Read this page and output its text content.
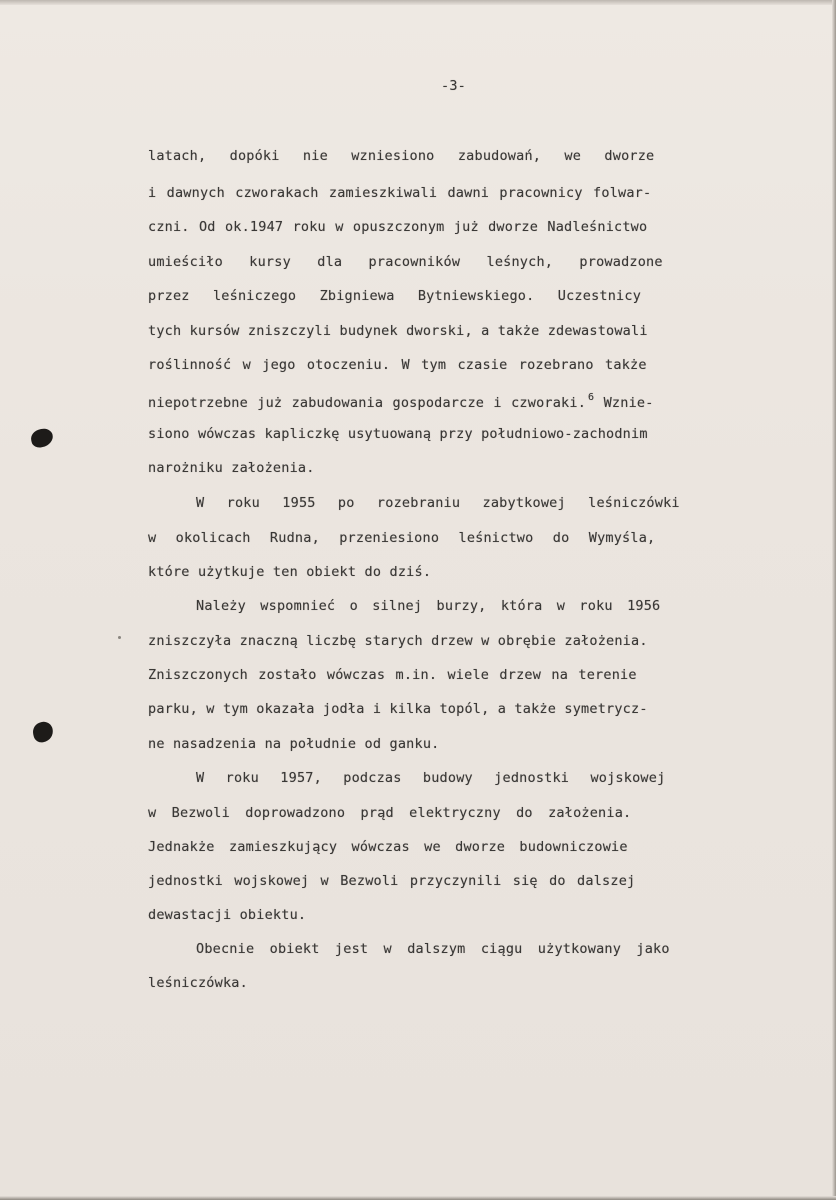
-3-

latach, dopóki nie wzniesiono zabudowań, we dworze

i dawnych czworakach zamieszkiwali dawni pracownicy folwar-

czni. Od ok.1947 roku w opuszczonym już dworze Nadleśnictwo

umieściło kursy dla pracowników leśnych, prowadzone

przez leśniczego Zbigniewa Bytniewskiego. Uczestnicy

tych kursów zniszczyli budynek dworski, a także zdewastowali

roślinność w jego otoczeniu. W tym czasie rozebrano także

niepotrzebne już zabudowania gospodarcze i czworaki. $^6$ Wznie-

siono wówczas kapliczkę usytuowaną przy południowo-zachodnim

narożniku założenia.

W roku 1955 po rozebraniu zabytkowej leśniczówki

w okolicach Rudna, przeniesiono leśnictwo do Wymyśla,

które użytkuje ten obiekt do dziś.

Należy wspomnieć o silnej burzy, która w roku 1956

zniszczyła znaczną liczbę starych drzew w obrębie założenia.

Zniszczonych zostało wówczas m.in. wiele drzew na terenie

parku, w tym okazała jodła i kilka topól, a także symetrycz-

ne nasadzenia na południe od ganku.

W roku 1957, podczas budowy jednostki wojskowej

w Bezwoli doprowadzono prąd elektryczny do założenia.

Jednakże zamieszkujący wówczas we dworze budowniczowie

jednostki wojskowej w Bezwoli przyczynili się do dalszej

dewastacji obiektu.

Obecnie obiekt jest w dalszym ciągu użytkowany jako

leśniczówka.
